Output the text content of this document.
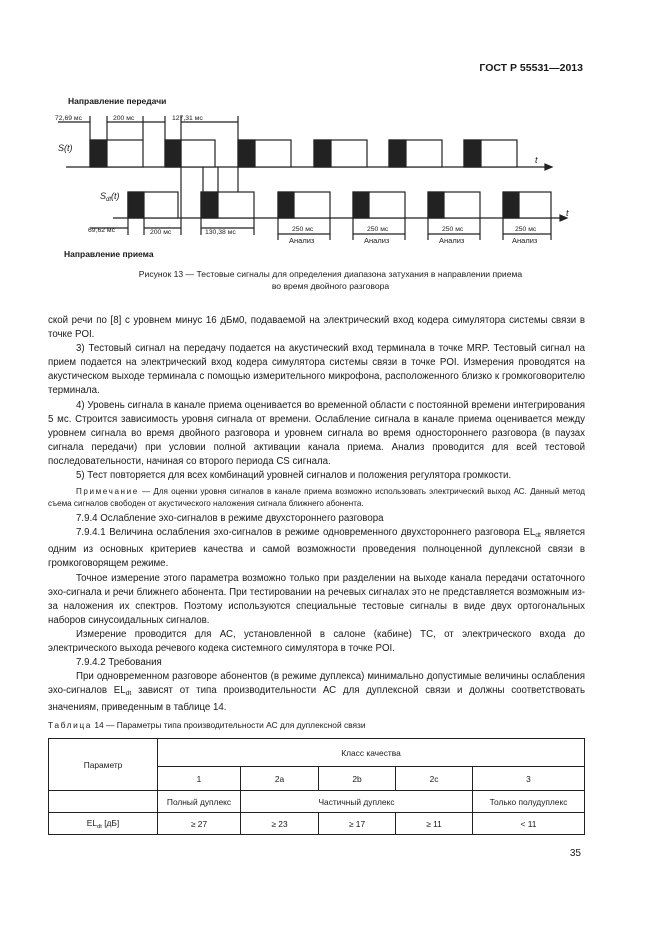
ГОСТ Р 55531—2013
Направление передачи
Направление приема
S(t)
$S_{dt}(t)$
t
t
72,69 мс	200 мс	127,31 мс
69,62 мс	200 мс	130,38 мс	250 мс	250 мс	250 мс	250 мс
Анализ	Анализ	Анализ	Анализ
Рисунок 13 — Тестовые сигналы для определения диапазона затухания в направлении приема
во время двойного разговора

ской речи по [8] с уровнем минус 16 дБм0, подаваемой на электрический вход кодера симулятора системы связи в точке POI.

3) Тестовый сигнал на передачу подается на акустический вход терминала в точке MRP. Тестовый сигнал на прием подается на электрический вход кодера симулятора системы связи в точке POI. Измерения проводятся на акустическом выходе терминала с помощью измерительного микрофона, расположенного близко к громкоговорителю терминала.

4) Уровень сигнала в канале приема оценивается во временной области с постоянной времени интегрирования 5 мс. Строится зависимость уровня сигнала от времени. Ослабление сигнала в канале приема оценивается между уровнем сигнала во время двойного разговора и уровнем сигнала во время одностороннего разговора (в паузах сигнала передачи) при условии полной активации канала приема. Анализ проводится для всей тестовой последовательности, начиная со второго периода CS сигнала.

5) Тест повторяется для всех комбинаций уровней сигналов и положения регулятора громкости.

Примечание — Для оценки уровня сигналов в канале приема возможно использовать электрический выход АС. Данный метод съема сигналов свободен от акустического наложения сигнала ближнего абонента.

7.9.4 Ослабление эхо-сигналов в режиме двухстороннего разговора

7.9.4.1 Величина ослабления эхо-сигналов в режиме одновременного двухстороннего разговора $EL_{dt}$ является одним из основных критериев качества и самой возможности проведения полноценной дуплексной связи в громкоговорящем режиме.

Точное измерение этого параметра возможно только при разделении на выходе канала передачи остаточного эхо-сигнала и речи ближнего абонента. При тестировании на речевых сигналах это не представляется возможным из-за наложения их спектров. Поэтому используются специальные тестовые сигналы в виде двух ортогональных наборов синусоидальных сигналов.

Измерение проводится для АС, установленной в салоне (кабине) ТС, от электрического входа до электрического выхода речевого кодека системного симулятора в точке POI.

7.9.4.2 Требования

При одновременном разговоре абонентов (в режиме дуплекса) минимально допустимые величины ослабления эхо-сигналов $EL_{dt}$ зависят от типа производительности АС для дуплексной связи и должны соответствовать значениям, приведенным в таблице 14.

Таблица 14 — Параметры типа производительности АС для дуплексной связи
Параметр	Класс качества				
	1	2a	2b	2c	3
	Полный дуплекс	Частичный дуплекс			Только полудуплекс
$EL_{dt}$ [дБ]	≥ 27	≥ 23	≥ 17	≥ 11	< 11
35
